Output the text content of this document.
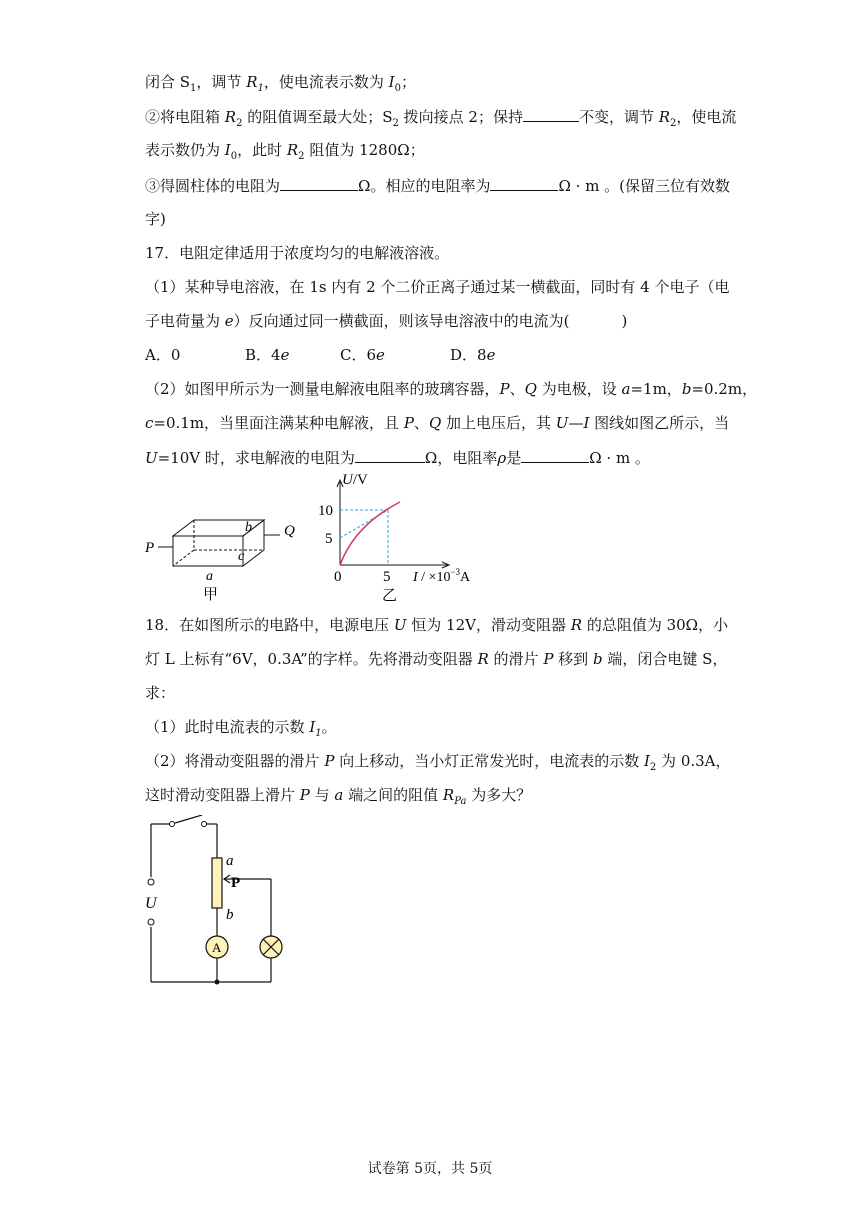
闭合 $S_1$，调节 $R_1$，使电流表示数为 $I_0$；
②将电阻箱 $R_2$ 的阻值调至最大处；$S_2$ 拨向接点 2；保持	不变，调节 $R_2$，使电流
表示数仍为 $I_0$，此时 $R_2$ 阻值为 1280Ω；
③得圆柱体的电阻为	Ω。相应的电阻率为	Ω · m 。(保留三位有效数
字)
17．电阻定律适用于浓度均匀的电解液溶液。
（1）某种导电溶液，在 1s 内有 2 个二价正离子通过某一横截面，同时有 4 个电子（电
子电荷量为 e）反向通过同一横截面，则该导电溶液中的电流为(	)
A．0	B．4e	C．6e	D．8e
（2）如图甲所示为一测量电解液电阻率的玻璃容器，P、Q 为电极，设 a=1m，b=0.2m，
c=0.1m，当里面注满某种电解液，且 P、Q 加上电压后，其 U—I 图线如图乙所示，当
U=10V 时，求电解液的电阻为	Ω，电阻率ρ是	Ω · m 。
P
Q
b
c
a
甲
U/V
10
5
0	5 $I / \times 10^{-3}A$
乙
18．在如图所示的电路中，电源电压 U 恒为 12V，滑动变阻器 R 的总阻值为 30Ω，小
灯 L 上标有“6V，0.3A”的字样。先将滑动变阻器 R 的滑片 P 移到 b 端，闭合电键 S，
求：
（1）此时电流表的示数 $I_1$。
（2）将滑动变阻器的滑片 P 向上移动，当小灯正常发光时，电流表的示数 $I_2$ 为 0.3A，
这时滑动变阻器上滑片 P 与 a 端之间的阻值 $R_{Pa}$ 为多大？
A
a
P
b
U
试卷第 5页，共 5页
